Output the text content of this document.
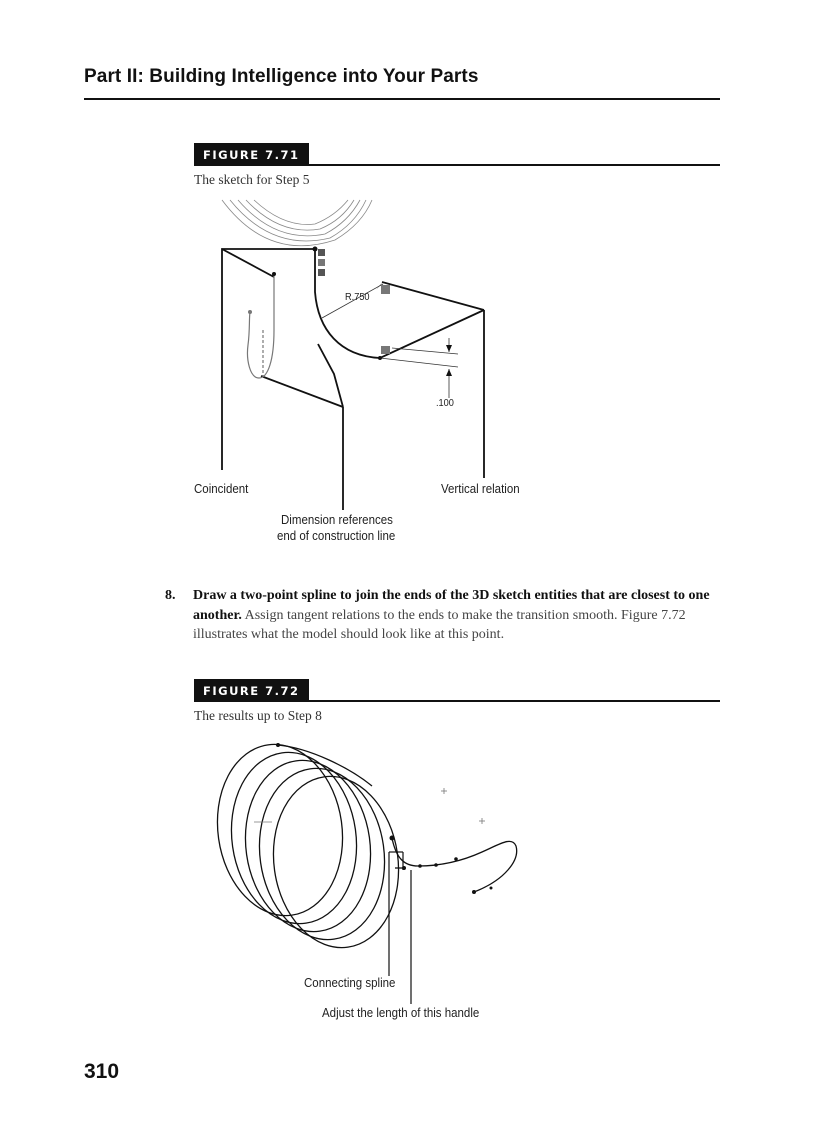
Part II: Building Intelligence into Your Parts
FIGURE 7.71
The sketch for Step 5
R.750
.100
Coincident	Vertical relation
Dimension references
end of construction line
8. Draw a two-point spline to join the ends of the 3D sketch entities that are closest to one another. Assign tangent relations to the ends to make the transition smooth. Figure 7.72 illustrates what the model should look like at this point.
FIGURE 7.72
The results up to Step 8
Connecting spline
Adjust the length of this handle
310
